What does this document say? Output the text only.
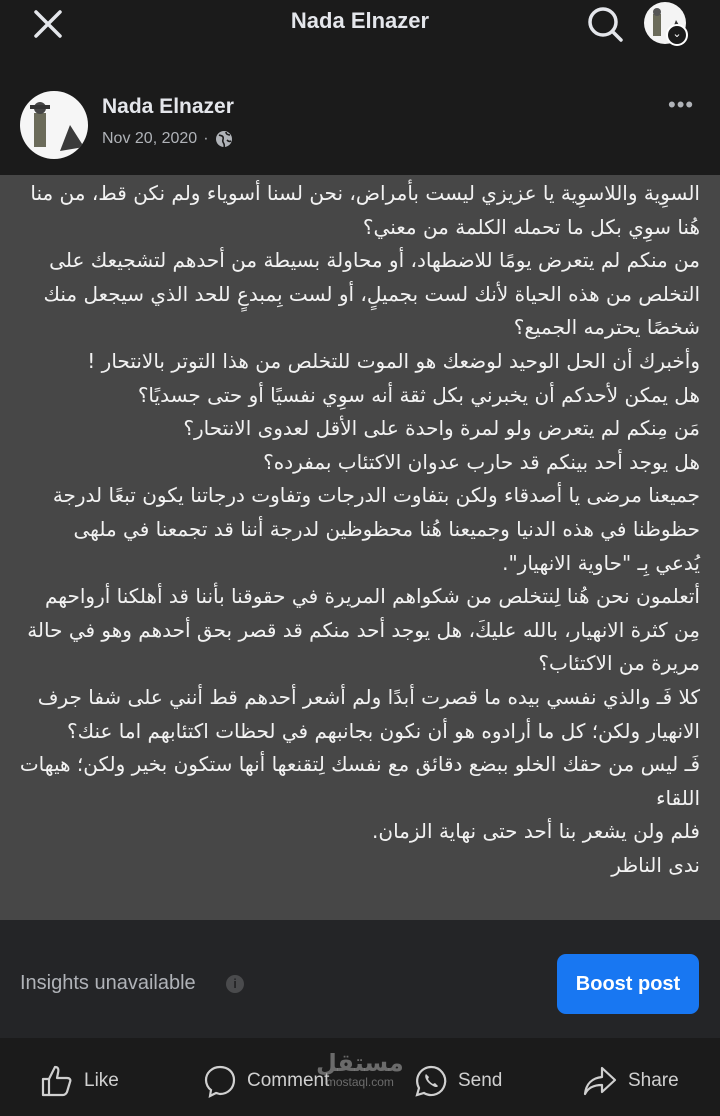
Nada Elnazer
⌄
Nada Elnazer
Nov 20, 2020 ·
•••
السوِية واللاسوِية يا عزيزي ليست بأمراض، نحن لسنا أسوياء ولم نكن قط، من منا
هُنا سوِي بكل ما تحمله الكلمة من معني؟
من منكم لم يتعرض يومًا للاضطهاد، أو محاولة بسيطة من أحدهم لتشجيعك على
التخلص من هذه الحياة لأنك لست بجميلٍ، أو لست بِمبدعٍ للحد الذي سيجعل منك
شخصًا يحترمه الجميع؟
وأخبرك أن الحل الوحيد لوضعك هو الموت للتخلص من هذا التوتر بالانتحار !
هل يمكن لأحدكم أن يخبرني بكل ثقة أنه سوِي نفسيًا أو حتى جسديًا؟
مَن مِنكم لم يتعرض ولو لمرة واحدة على الأقل لعدوى الانتحار؟
هل يوجد أحد بينكم قد حارب عدوان الاكتئاب بمفرده؟
جميعنا مرضى يا أصدقاء ولكن بتفاوت الدرجات وتفاوت درجاتنا يكون تبعًا لدرجة
حظوظنا في هذه الدنيا وجميعنا هُنا محظوظين لدرجة أننا قد تجمعنا في ملهى
يُدعي بِـ "حاوية الانهيار".
أتعلمون نحن هُنا لِنتخلص من شكواهم المريرة في حقوقنا بأننا قد أهلكنا أرواحهم
مِن كثرة الانهيار، بالله عليكَ، هل يوجد أحد منكم قد قصر بحق أحدهم وهو في حالة
مريرة من الاكتئاب؟
كلا فَـ والذي نفسي بيده ما قصرت أبدًا ولم أشعر أحدهم قط أنني على شفا جرف
الانهيار ولكن؛ كل ما أرادوه هو أن نكون بجانبهم في لحظات اكتئابهم اما عنك؟
فَـ ليس من حقك الخلو ببضع دقائق مع نفسك لِتقنعها أنها ستكون بخير ولكن؛ هيهات
اللقاء
فلم ولن يشعر بنا أحد حتى نهاية الزمان.
ندى الناظر
Insights unavailable	i	Boost post
Like	Comment	Send	Share
مستقل
mostaql.com
